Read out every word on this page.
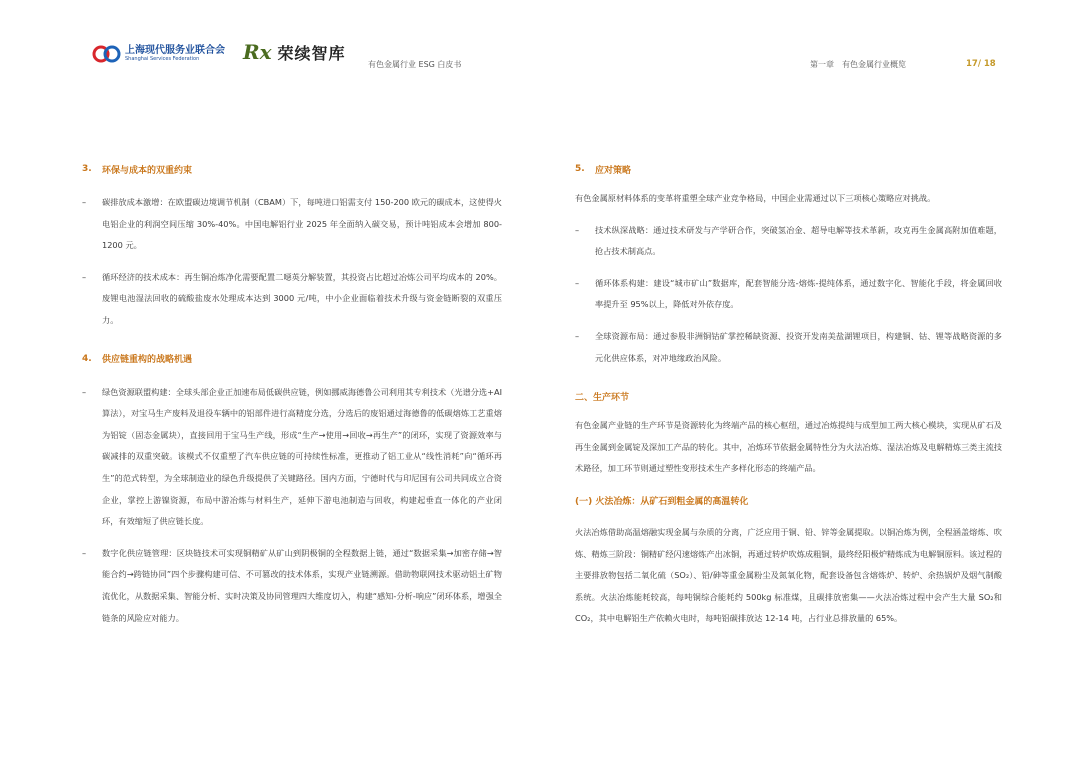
上海现代服务业联合会
Shanghai Services Federation	Rx 荣续智库
有色金属行业 ESG 白皮书	第一章　有色金属行业概览	17/ 18
3.	环保与成本的双重约束
–	碳排放成本激增：在欧盟碳边境调节机制（CBAM）下，每吨进口铝需支付 150-200 欧元的碳成本，这使得火电铝企业的利润空间压缩 30%-40%。中国电解铝行业 2025 年全面纳入碳交易，预计吨铝成本会增加 800-1200 元。
–	循环经济的技术成本：再生铜冶炼净化需要配置二噁英分解装置，其投资占比超过冶炼公司平均成本的 20%。废锂电池湿法回收的硫酸盐废水处理成本达到 3000 元/吨，中小企业面临着技术升级与资金链断裂的双重压力。
4.	供应链重构的战略机遇
–	绿色资源联盟构建：全球头部企业正加速布局低碳供应链，例如挪威海德鲁公司利用其专利技术（光谱分选+AI 算法），对宝马生产废料及退役车辆中的铝部件进行高精度分选，分选后的废铝通过海德鲁的低碳熔炼工艺重熔为铝锭（固态金属块），直接回用于宝马生产线，形成“生产→使用→回收→再生产”的闭环，实现了资源效率与碳减排的双重突破。该模式不仅重塑了汽车供应链的可持续性标准，更推动了铝工业从“线性消耗”向“循环再生”的范式转型，为全球制造业的绿色升级提供了关键路径。国内方面，宁德时代与印尼国有公司共同成立合资企业，掌控上游镍资源，布局中游冶炼与材料生产，延伸下游电池制造与回收，构建起垂直一体化的产业闭环，有效缩短了供应链长度。
–	数字化供应链管理：区块链技术可实现铜精矿从矿山到阴极铜的全程数据上链，通过“数据采集→加密存储→智能合约→跨链协同”四个步骤构建可信、不可篡改的技术体系，实现产业链溯源。借助物联网技术驱动铝土矿物流优化，从数据采集、智能分析、实时决策及协同管理四大维度切入，构建“感知-分析-响应”闭环体系，增强全链条的风险应对能力。
5.	应对策略
有色金属原材料体系的变革将重塑全球产业竞争格局，中国企业需通过以下三项核心策略应对挑战。
–	技术纵深战略：通过技术研发与产学研合作，突破氢冶金、超导电解等技术革新，攻克再生金属高附加值难题，抢占技术制高点。
–	循环体系构建：建设“城市矿山”数据库，配套智能分选-熔炼-提纯体系，通过数字化、智能化手段，将金属回收率提升至 95%以上，降低对外依存度。
–	全球资源布局：通过参股非洲铜钴矿掌控稀缺资源、投资开发南美盐湖锂项目，构建铜、钴、锂等战略资源的多元化供应体系，对冲地缘政治风险。
二、生产环节
有色金属产业链的生产环节是资源转化为终端产品的核心枢纽，通过冶炼提纯与成型加工两大核心模块，实现从矿石及再生金属到金属锭及深加工产品的转化。其中，冶炼环节依据金属特性分为火法冶炼、湿法冶炼及电解精炼三类主流技术路径，加工环节则通过塑性变形技术生产多样化形态的终端产品。
(一) 火法冶炼：从矿石到粗金属的高温转化
火法冶炼借助高温熔融实现金属与杂质的分离，广泛应用于铜、铅、锌等金属提取。以铜冶炼为例，全程涵盖熔炼、吹炼、精炼三阶段：铜精矿经闪速熔炼产出冰铜，再通过转炉吹炼成粗铜，最终经阳极炉精炼成为电解铜原料。该过程的主要排放物包括二氧化硫（SO₂）、铅/砷等重金属粉尘及氮氧化物，配套设备包含熔炼炉、转炉、余热锅炉及烟气制酸系统。火法冶炼能耗较高，每吨铜综合能耗约 500kg 标准煤，且碳排放密集——火法冶炼过程中会产生大量 SO₂和 CO₂，其中电解铝生产依赖火电时，每吨铝碳排放达 12-14 吨，占行业总排放量的 65%。
